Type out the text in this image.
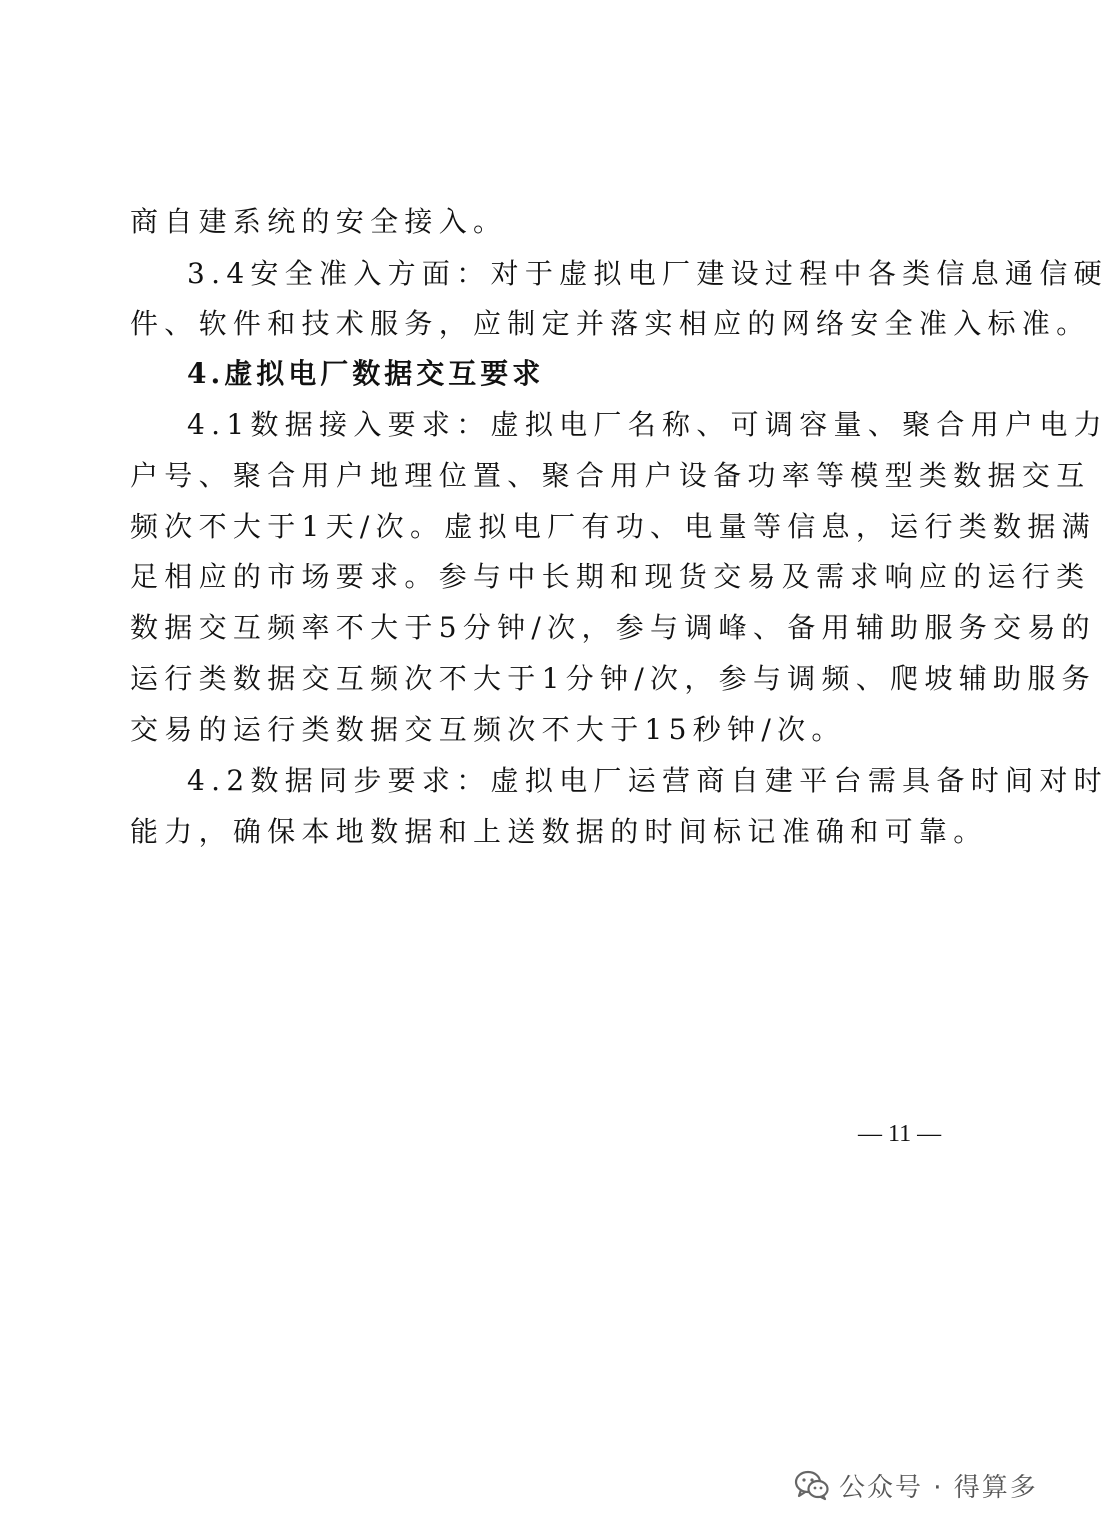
商自建系统的安全接入。
3.4安全准入方面：对于虚拟电厂建设过程中各类信息通信硬
件、软件和技术服务，应制定并落实相应的网络安全准入标准。
4.虚拟电厂数据交互要求
4.1数据接入要求：虚拟电厂名称、可调容量、聚合用户电力
户号、聚合用户地理位置、聚合用户设备功率等模型类数据交互
频次不大于1天/次。虚拟电厂有功、电量等信息，运行类数据满
足相应的市场要求。参与中长期和现货交易及需求响应的运行类
数据交互频率不大于5分钟/次，参与调峰、备用辅助服务交易的
运行类数据交互频次不大于1分钟/次，参与调频、爬坡辅助服务
交易的运行类数据交互频次不大于15秒钟/次。
4.2数据同步要求：虚拟电厂运营商自建平台需具备时间对时
能力，确保本地数据和上送数据的时间标记准确和可靠。
— 11 —
公众号 · 得算多
